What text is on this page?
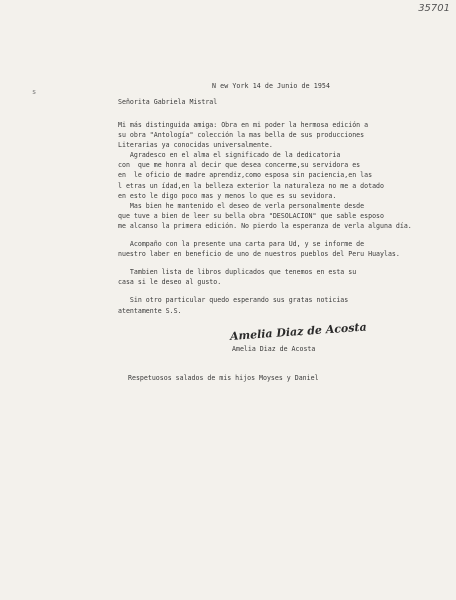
35701
s
N ew York 14 de Junio de 1954
Señorita Gabriela Mistral
Mi más distinguida amiga: Obra en mi poder la hermosa edición a
su obra "Antología" colección la mas bella de sus producciones
Literarias ya conocidas universalmente.
Agradesco en el alma el significado de la dedicatoria
con  que me honra al decir que desea concerme,su servidora es
en  le oficio de madre aprendiz,como esposa sin paciencia,en las
l etras un ídad,en la belleza exterior la naturaleza no me a dotado
en esto le digo poco mas y menos lo que es su sevidora.
Mas bien he mantenido el deseo de verla personalmente desde
que tuve a bien de leer su bella obra "DESOLACION" que sable esposo
me alcanso la primera edición. No pierdo la esperanza de verla alguna día.
Acompaño con la presente una carta para Ud, y se informe de
nuestro laber en beneficio de uno de nuestros pueblos del Peru Huaylas.
Tambien lista de libros duplicados que tenemos en esta su
casa si le deseo al gusto.
Sin otro particular quedo esperando sus gratas noticias
atentamente S.S.
Amelia Diaz de Acosta
Amelia Diaz de Acosta
Respetuosos salados de mis hijos Moyses y Daniel
